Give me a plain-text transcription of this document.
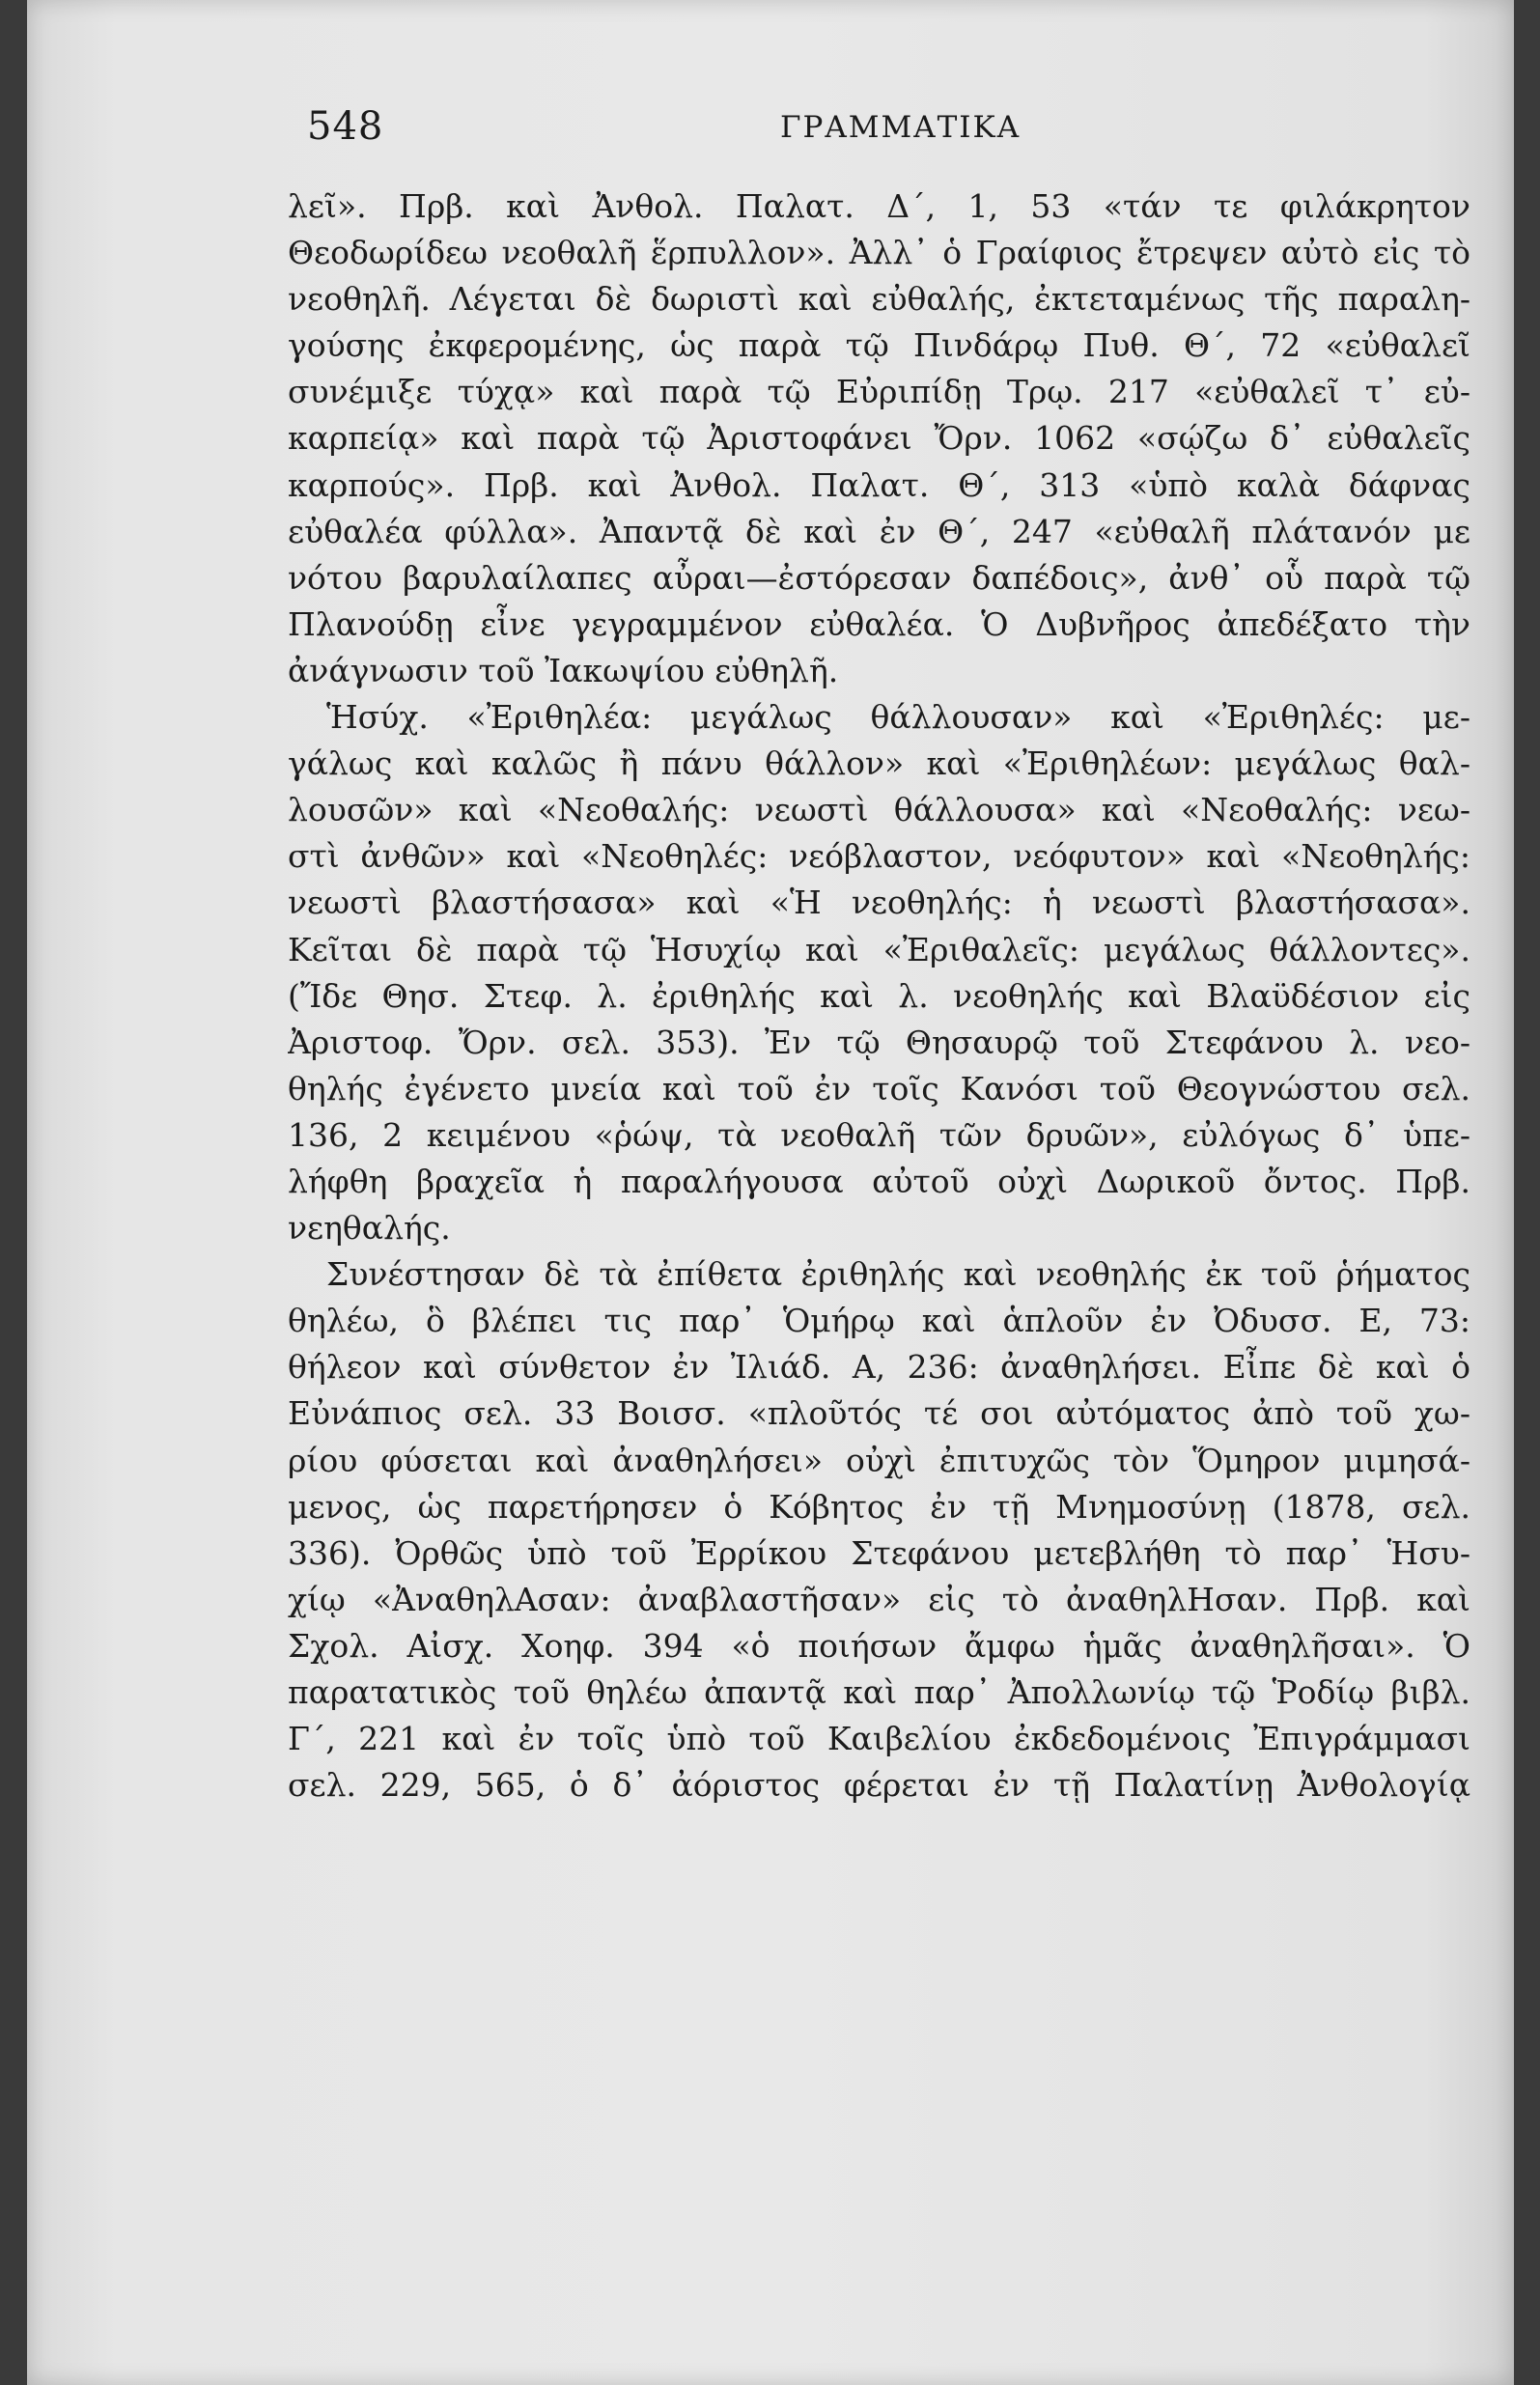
548	ΓΡΑΜΜΑΤΙΚΑ
λεῖ». Πρβ. καὶ Ἀνθολ. Παλατ. Δ΄, 1, 53 «τάν τε φιλάκρητον
Θεοδωρίδεω νεοθαλῆ ἕρπυλλον». Ἀλλ᾽ ὁ Γραίφιος ἔτρεψεν αὐτὸ εἰς τὸ
νεοθηλῆ. Λέγεται δὲ δωριστὶ καὶ εὐθαλής, ἐκτεταμένως τῆς παραλη-
γούσης ἐκφερομένης, ὡς παρὰ τῷ Πινδάρῳ Πυθ. Θ΄, 72 «εὐθαλεῖ
συνέμιξε τύχᾳ» καὶ παρὰ τῷ Εὐριπίδῃ Τρῳ. 217 «εὐθαλεῖ τ᾽ εὐ-
καρπείᾳ» καὶ παρὰ τῷ Ἀριστοφάνει Ὄρν. 1062 «σῴζω δ᾽ εὐθαλεῖς
καρπούς». Πρβ. καὶ Ἀνθολ. Παλατ. Θ΄, 313 «ὑπὸ καλὰ δάφνας
εὐθαλέα φύλλα». Ἀπαντᾷ δὲ καὶ ἐν Θ΄, 247 «εὐθαλῆ πλάτανόν με
νότου βαρυλαίλαπες αὖραι—ἐστόρεσαν δαπέδοις», ἀνθ᾽ οὗ παρὰ τῷ
Πλανούδῃ εἶνε γεγραμμένον εὐθαλέα. Ὁ Δυβνῆρος ἀπεδέξατο τὴν
ἀνάγνωσιν τοῦ Ἰακωψίου εὐθηλῆ.
Ἡσύχ. «Ἐριθηλέα: μεγάλως θάλλουσαν» καὶ «Ἐριθηλές: με-
γάλως καὶ καλῶς ἢ πάνυ θάλλον» καὶ «Ἐριθηλέων: μεγάλως θαλ-
λουσῶν» καὶ «Νεοθαλής: νεωστὶ θάλλουσα» καὶ «Νεοθαλής: νεω-
στὶ ἀνθῶν» καὶ «Νεοθηλές: νεόβλαστον, νεόφυτον» καὶ «Νεοθηλής:
νεωστὶ βλαστήσασα» καὶ «Ἡ νεοθηλής: ἡ νεωστὶ βλαστήσασα».
Κεῖται δὲ παρὰ τῷ Ἡσυχίῳ καὶ «Ἐριθαλεῖς: μεγάλως θάλλοντες».
(Ἴδε Θησ. Στεφ. λ. ἐριθηλής καὶ λ. νεοθηλής καὶ Βλαϋδέσιον εἰς
Ἀριστοφ. Ὄρν. σελ. 353). Ἐν τῷ Θησαυρῷ τοῦ Στεφάνου λ. νεο-
θηλής ἐγένετο μνεία καὶ τοῦ ἐν τοῖς Κανόσι τοῦ Θεογνώστου σελ.
136, 2 κειμένου «ῥώψ, τὰ νεοθαλῆ τῶν δρυῶν», εὐλόγως δ᾽ ὑπε-
λήφθη βραχεῖα ἡ παραλήγουσα αὐτοῦ οὐχὶ Δωρικοῦ ὄντος. Πρβ.
νεηθαλής.
Συνέστησαν δὲ τὰ ἐπίθετα ἐριθηλής καὶ νεοθηλής ἐκ τοῦ ῥήματος
θηλέω, ὃ βλέπει τις παρ᾽ Ὁμήρῳ καὶ ἁπλοῦν ἐν Ὀδυσσ. Ε, 73:
θήλεον καὶ σύνθετον ἐν Ἰλιάδ. Α, 236: ἀναθηλήσει. Εἶπε δὲ καὶ ὁ
Εὐνάπιος σελ. 33 Βοισσ. «πλοῦτός τέ σοι αὐτόματος ἀπὸ τοῦ χω-
ρίου φύσεται καὶ ἀναθηλήσει» οὐχὶ ἐπιτυχῶς τὸν Ὅμηρον μιμησά-
μενος, ὡς παρετήρησεν ὁ Κόβητος ἐν τῇ Μνημοσύνῃ (1878, σελ.
336). Ὀρθῶς ὑπὸ τοῦ Ἐρρίκου Στεφάνου μετεβλήθη τὸ παρ᾽ Ἡσυ-
χίῳ «ἈναθηλΑσαν: ἀναβλαστῆσαν» εἰς τὸ ἀναθηλΗσαν. Πρβ. καὶ
Σχολ. Αἰσχ. Χοηφ. 394 «ὁ ποιήσων ἄμφω ἡμᾶς ἀναθηλῆσαι». Ὁ
παρατατικὸς τοῦ θηλέω ἀπαντᾷ καὶ παρ᾽ Ἀπολλωνίῳ τῷ Ῥοδίῳ βιβλ.
Γ΄, 221 καὶ ἐν τοῖς ὑπὸ τοῦ Καιβελίου ἐκδεδομένοις Ἐπιγράμμασι
σελ. 229, 565, ὁ δ᾽ ἀόριστος φέρεται ἐν τῇ Παλατίνῃ Ἀνθολογίᾳ
